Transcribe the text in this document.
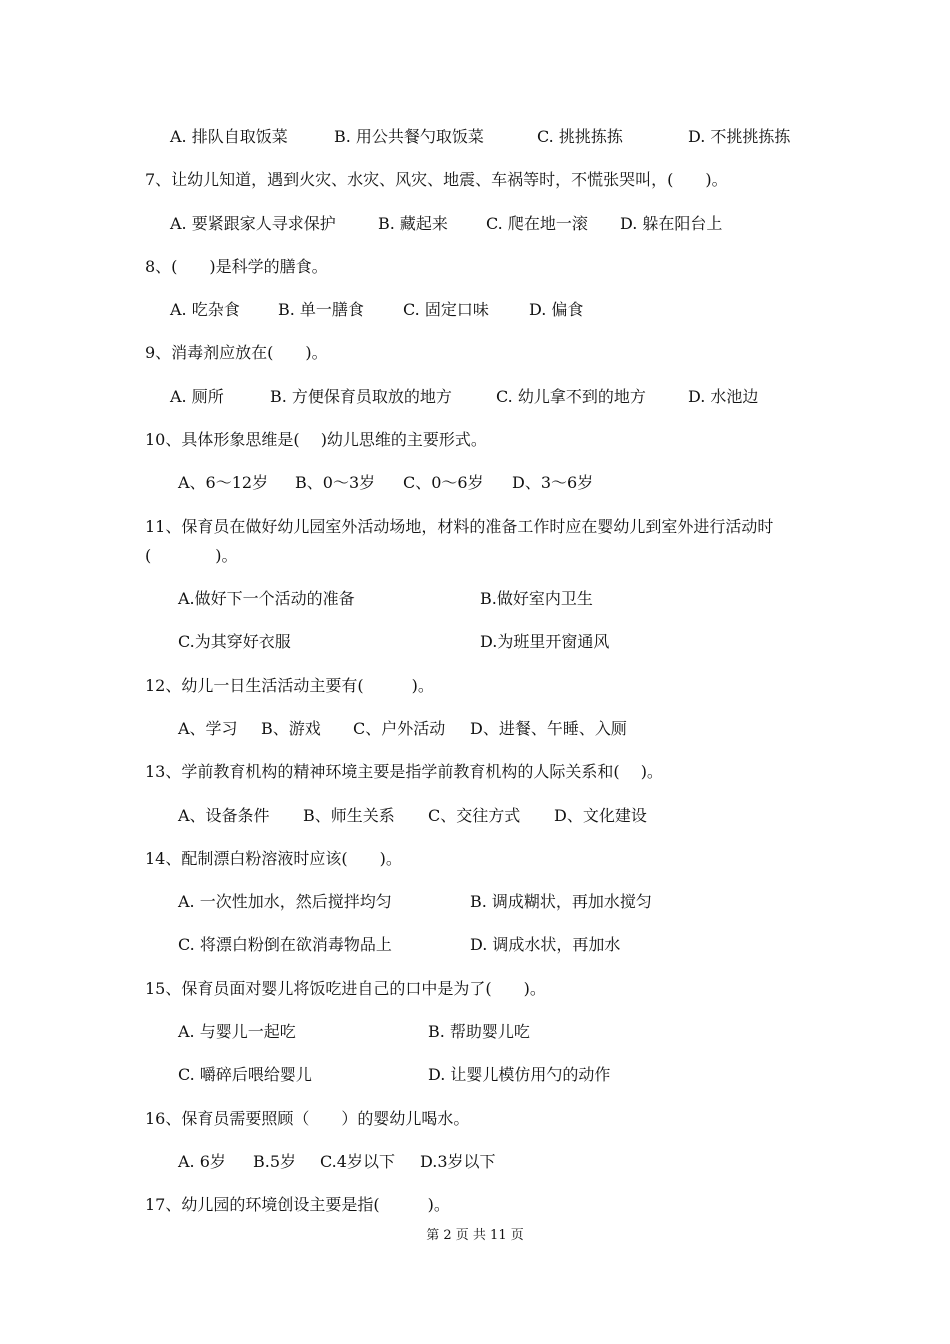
A. 排队自取饭菜	B. 用公共餐勺取饭菜	C. 挑挑拣拣	D. 不挑挑拣拣
7、让幼儿知道，遇到火灾、水灾、风灾、地震、车祸等时，不慌张哭叫，(　　)。
A. 要紧跟家人寻求保护	B. 藏起来 C. 爬在地一滚 D. 躲在阳台上
8、(　　)是科学的膳食。
A. 吃杂食 B. 单一膳食 C. 固定口味	D. 偏食
9、消毒剂应放在(　　)。
A. 厕所	B. 方便保育员取放的地方	C. 幼儿拿不到的地方	D. 水池边
10、具体形象思维是(　 )幼儿思维的主要形式。
A、6～12岁 B、0～3岁 C、0～6岁 D、3～6岁
11、保育员在做好幼儿园室外活动场地，材料的准备工作时应在婴幼儿到室外进行活动时
(　　　　)。
A.做好下一个活动的准备	B.做好室内卫生
C.为其穿好衣服	D.为班里开窗通风
12、幼儿一日生活活动主要有(　　　)。
A、学习 B、游戏 C、户外活动 D、进餐、午睡、入厕
13、学前教育机构的精神环境主要是指学前教育机构的人际关系和(　 )。
A、设备条件 B、师生关系 C、交往方式 D、文化建设
14、配制漂白粉溶液时应该(　　)。
A. 一次性加水，然后搅拌均匀	B. 调成糊状，再加水搅匀
C. 将漂白粉倒在欲消毒物品上	D. 调成水状，再加水
15、保育员面对婴儿将饭吃进自己的口中是为了(　　)。
A. 与婴儿一起吃	B. 帮助婴儿吃
C. 嚼碎后喂给婴儿	D. 让婴儿模仿用勺的动作
16、保育员需要照顾（　　）的婴幼儿喝水。
A. 6岁 B.5岁 C.4岁以下 D.3岁以下
17、幼儿园的环境创设主要是指(　　　)。
第 2 页 共 11 页
